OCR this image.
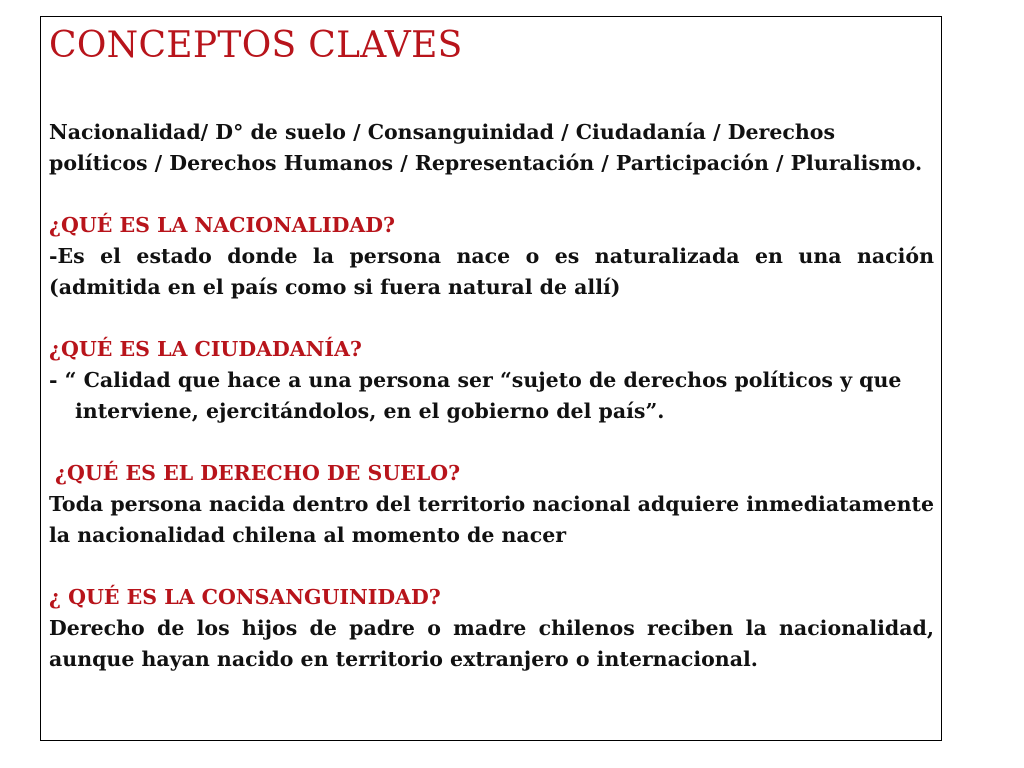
CONCEPTOS CLAVES

Nacionalidad/ D° de suelo / Consanguinidad / Ciudadanía / Derechos políticos / Derechos Humanos / Representación / Participación / Pluralismo.

¿QUÉ ES LA NACIONALIDAD?

-Es el estado donde la persona nace o es naturalizada en una nación (admitida en el país como si fuera natural de allí)

¿QUÉ ES LA CIUDADANÍA?

- “ Calidad que hace a una persona ser “sujeto de derechos políticos y que interviene, ejercitándolos, en el gobierno del país”.

¿QUÉ ES EL DERECHO DE SUELO?

Toda persona nacida dentro del territorio nacional adquiere inmediatamente la nacionalidad chilena al momento de nacer

¿ QUÉ ES LA CONSANGUINIDAD?

Derecho de los hijos de padre o madre chilenos reciben la nacionalidad, aunque hayan nacido en territorio extranjero o internacional.
